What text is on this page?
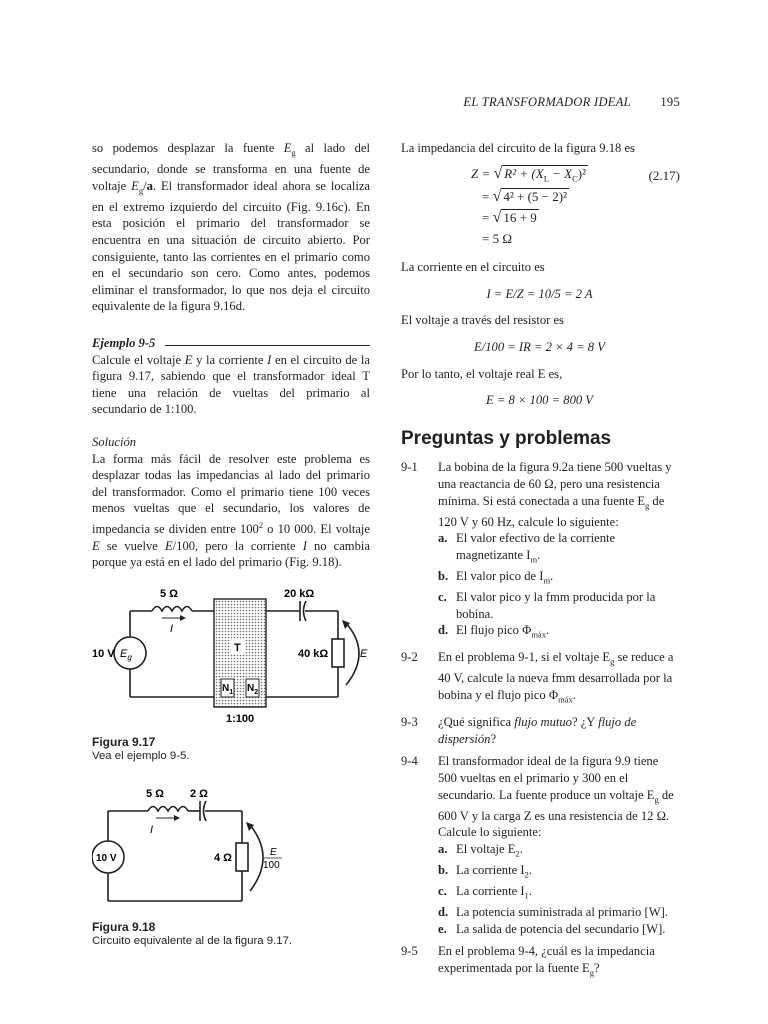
EL TRANSFORMADOR IDEAL 195

so podemos desplazar la fuente $E_g$ al lado del secundario, donde se transforma en una fuente de voltaje $E_g/a$. El transformador ideal ahora se localiza en el extremo izquierdo del circuito (Fig. 9.16c). En esta posición el primario del transformador se encuentra en una situación de circuito abierto. Por consiguiente, tanto las corrientes en el primario como en el secundario son cero. Como antes, podemos eliminar el transformador, lo que nos deja el circuito equivalente de la figura 9.16d.

Ejemplo 9-5

Calcule el voltaje E y la corriente I en el circuito de la figura 9.17, sabiendo que el transformador ideal T tiene una relación de vueltas del primario al secundario de 1:100.

Solución

La forma más fácil de resolver este problema es desplazar todas las impedancias al lado del primario del transformador. Como el primario tiene 100 veces menos vueltas que el secundario, los valores de impedancia se dividen entre $100^2$ o 10 000. El voltaje E se vuelve E/100, pero la corriente I no cambia porque ya está en el lado del primario (Fig. 9.18).

5 Ω	20 kΩ
10 V $E_g$
T	40 kΩ	E
I
$N_1$ $N_2$
1:100
Figura 9.17
Vea el ejemplo 9-5.
5 Ω 2 Ω
10 V	4 Ω
I
E
100
Figura 9.18
Circuito equivalente al de la figura 9.17.

La impedancia del circuito de la figura 9.18 es

(2.17)
Z = √ $R^2 + (X_L - X_C)^2$
= √ 4² + (5 − 2)²
= √ 16 + 9
= 5 Ω

La corriente en el circuito es

I = E/Z = 10/5 = 2 A

El voltaje a través del resistor es

E/100 = IR = 2 × 4 = 8 V

Por lo tanto, el voltaje real E es,

E = 8 × 100 = 800 V
Preguntas y problemas
9-1	La bobina de la figura 9.2a tiene 500 vueltas y una reactancia de 60 Ω, pero una resistencia mínima. Si está conectada a una fuente $E_g$ de 120 V y 60 Hz, calcule lo siguiente:
a. El valor efectivo de la corriente magnetizante $I_m$.
b. El valor pico de $I_m$.
c. El valor pico y la fmm producida por la bobina.
d. El flujo pico $\Phi_{máx}$.
9-2	En el problema 9-1, si el voltaje $E_g$ se reduce a 40 V, calcule la nueva fmm desarrollada por la bobina y el flujo pico $\Phi_{máx}$.
9-3	¿Qué significa flujo mutuo? ¿Y flujo de dispersión?
9-4	El transformador ideal de la figura 9.9 tiene 500 vueltas en el primario y 300 en el secundario. La fuente produce un voltaje $E_g$ de 600 V y la carga Z es una resistencia de 12 Ω. Calcule lo siguiente:
a. El voltaje $E_2$.
b. La corriente $I_2$.
c. La corriente $I_1$.
d. La potencia suministrada al primario [W].
e. La salida de potencia del secundario [W].
9-5	En el problema 9-4, ¿cuál es la impedancia experimentada por la fuente $E_g$?
